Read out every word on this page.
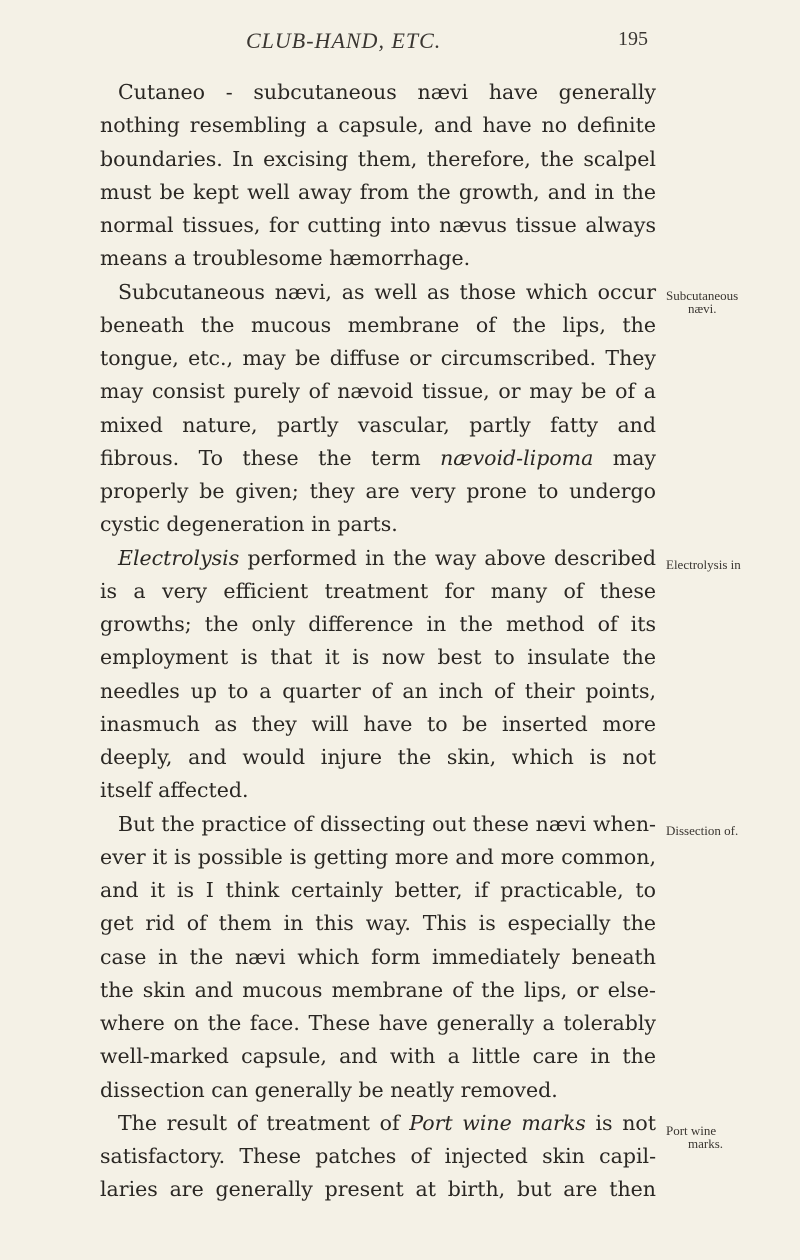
CLUB-HAND, ETC.	195
Cutaneo - subcutaneous nævi have generally
nothing resembling a capsule, and have no definite
boundaries. In excising them, therefore, the scalpel
must be kept well away from the growth, and in the
normal tissues, for cutting into nævus tissue always
means a troublesome hæmorrhage.
Subcutaneous nævi, as well as those which occur
beneath the mucous membrane of the lips, the
tongue, etc., may be diffuse or circumscribed. They
may consist purely of nævoid tissue, or may be of a
mixed nature, partly vascular, partly fatty and
fibrous. To these the term nævoid-lipoma may
properly be given; they are very prone to undergo
cystic degeneration in parts.
Electrolysis performed in the way above described
is a very efficient treatment for many of these
growths; the only difference in the method of its
employment is that it is now best to insulate the
needles up to a quarter of an inch of their points,
inasmuch as they will have to be inserted more
deeply, and would injure the skin, which is not
itself affected.
But the practice of dissecting out these nævi when-
ever it is possible is getting more and more common,
and it is I think certainly better, if practicable, to
get rid of them in this way. This is especially the
case in the nævi which form immediately beneath
the skin and mucous membrane of the lips, or else-
where on the face. These have generally a tolerably
well-marked capsule, and with a little care in the
dissection can generally be neatly removed.
The result of treatment of Port wine marks is not
satisfactory. These patches of injected skin capil-
laries are generally present at birth, but are then
Subcutaneous
nævi.
Electrolysis in
Dissection of.
Port wine
marks.
